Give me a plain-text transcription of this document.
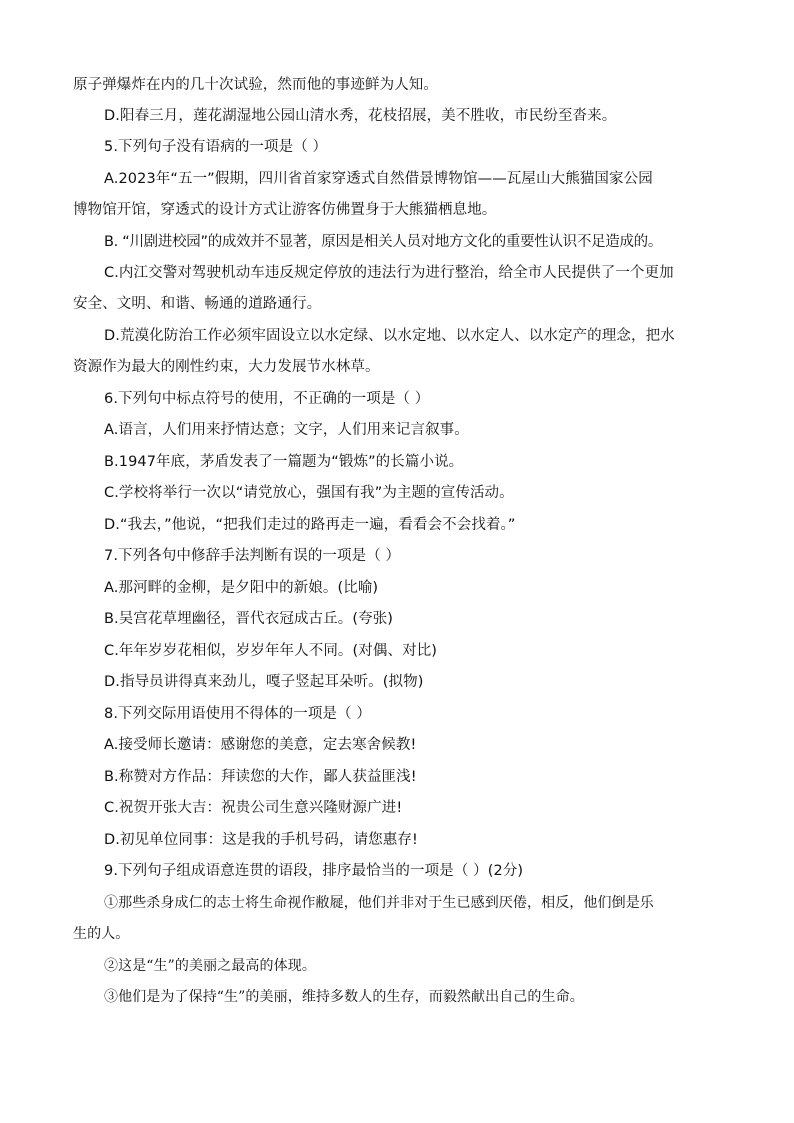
原子弹爆炸在内的几十次试验，然而他的事迹鲜为人知。
D.阳春三月，莲花湖湿地公园山清水秀，花枝招展，美不胜收，市民纷至沓来。
5.下列句子没有语病的一项是（ ）
A.2023年“五一”假期，四川省首家穿透式自然借景博物馆——瓦屋山大熊猫国家公园
博物馆开馆，穿透式的设计方式让游客仿佛置身于大熊猫栖息地。
B. “川剧进校园”的成效并不显著，原因是相关人员对地方文化的重要性认识不足造成的。
C.内江交警对驾驶机动车违反规定停放的违法行为进行整治，给全市人民提供了一个更加
安全、文明、和谐、畅通的道路通行。
D.荒漠化防治工作必须牢固设立以水定绿、以水定地、以水定人、以水定产的理念，把水
资源作为最大的刚性约束，大力发展节水林草。
6.下列句中标点符号的使用，不正确的一项是（ ）
A.语言，人们用来抒情达意；文字，人们用来记言叙事。
B.1947年底，茅盾发表了一篇题为“锻炼”的长篇小说。
C.学校将举行一次以“请党放心，强国有我”为主题的宣传活动。
D.“我去，”他说，“把我们走过的路再走一遍，看看会不会找着。”
7.下列各句中修辞手法判断有误的一项是（ ）
A.那河畔的金柳，是夕阳中的新娘。(比喻)
B.吴宫花草埋幽径，晋代衣冠成古丘。(夸张)
C.年年岁岁花相似，岁岁年年人不同。(对偶、对比)
D.指导员讲得真来劲儿，嘎子竖起耳朵听。(拟物)
8.下列交际用语使用不得体的一项是（ ）
A.接受师长邀请：感谢您的美意，定去寒舍候教!
B.称赞对方作品：拜读您的大作，鄙人获益匪浅!
C.祝贺开张大吉：祝贵公司生意兴隆财源广进!
D.初见单位同事：这是我的手机号码，请您惠存!
9.下列句子组成语意连贯的语段，排序最恰当的一项是（ ）(2分)
①那些杀身成仁的志士将生命视作敝屣，他们并非对于生已感到厌倦，相反，他们倒是乐
生的人。
②这是“生”的美丽之最高的体现。
③他们是为了保持“生”的美丽，维持多数人的生存，而毅然献出自己的生命。
